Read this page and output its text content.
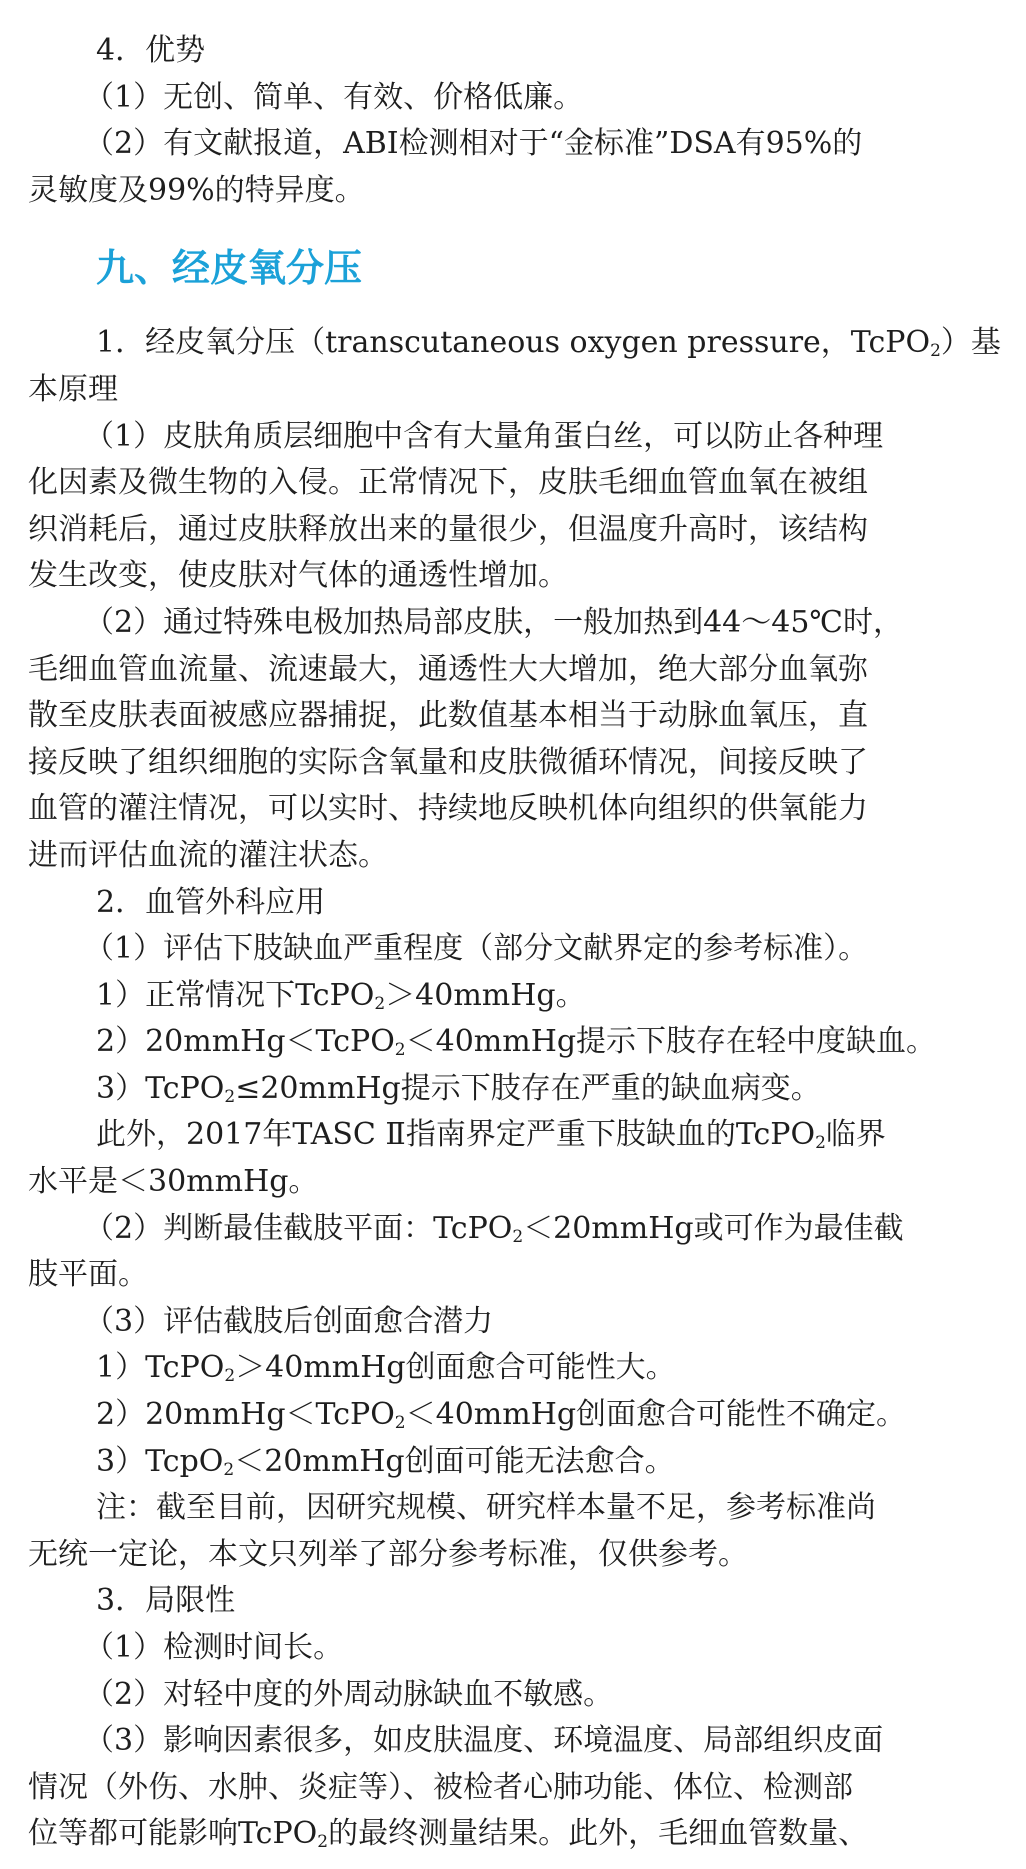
4．优势
（1）无创、简单、有效、价格低廉。
（2）有文献报道，ABI检测相对于“金标准”DSA有95%的
灵敏度及99%的特异度。
九、经皮氧分压
1．经皮氧分压（transcutaneous oxygen pressure，TcPO$_2$）基
本原理
（1）皮肤角质层细胞中含有大量角蛋白丝，可以防止各种理
化因素及微生物的入侵。正常情况下，皮肤毛细血管血氧在被组
织消耗后，通过皮肤释放出来的量很少，但温度升高时，该结构
发生改变，使皮肤对气体的通透性增加。
（2）通过特殊电极加热局部皮肤，一般加热到44～45℃时，
毛细血管血流量、流速最大，通透性大大增加，绝大部分血氧弥
散至皮肤表面被感应器捕捉，此数值基本相当于动脉血氧压，直
接反映了组织细胞的实际含氧量和皮肤微循环情况，间接反映了
血管的灌注情况，可以实时、持续地反映机体向组织的供氧能力
进而评估血流的灌注状态。
2．血管外科应用
（1）评估下肢缺血严重程度（部分文献界定的参考标准）。
1）正常情况下TcPO$_2$＞40mmHg。
2）20mmHg＜TcPO$_2$＜40mmHg提示下肢存在轻中度缺血。
3）TcPO$_2$≤20mmHg提示下肢存在严重的缺血病变。
此外，2017年TASC Ⅱ指南界定严重下肢缺血的TcPO$_2$临界
水平是＜30mmHg。
（2）判断最佳截肢平面：TcPO$_2$＜20mmHg或可作为最佳截
肢平面。
（3）评估截肢后创面愈合潜力
1）TcPO$_2$＞40mmHg创面愈合可能性大。
2）20mmHg＜TcPO$_2$＜40mmHg创面愈合可能性不确定。
3）TcpO$_2$＜20mmHg创面可能无法愈合。
注：截至目前，因研究规模、研究样本量不足，参考标准尚
无统一定论，本文只列举了部分参考标准，仅供参考。
3．局限性
（1）检测时间长。
（2）对轻中度的外周动脉缺血不敏感。
（3）影响因素很多，如皮肤温度、环境温度、局部组织皮面
情况（外伤、水肿、炎症等）、被检者心肺功能、体位、检测部
位等都可能影响TcPO$_2$的最终测量结果。此外，毛细血管数量、
